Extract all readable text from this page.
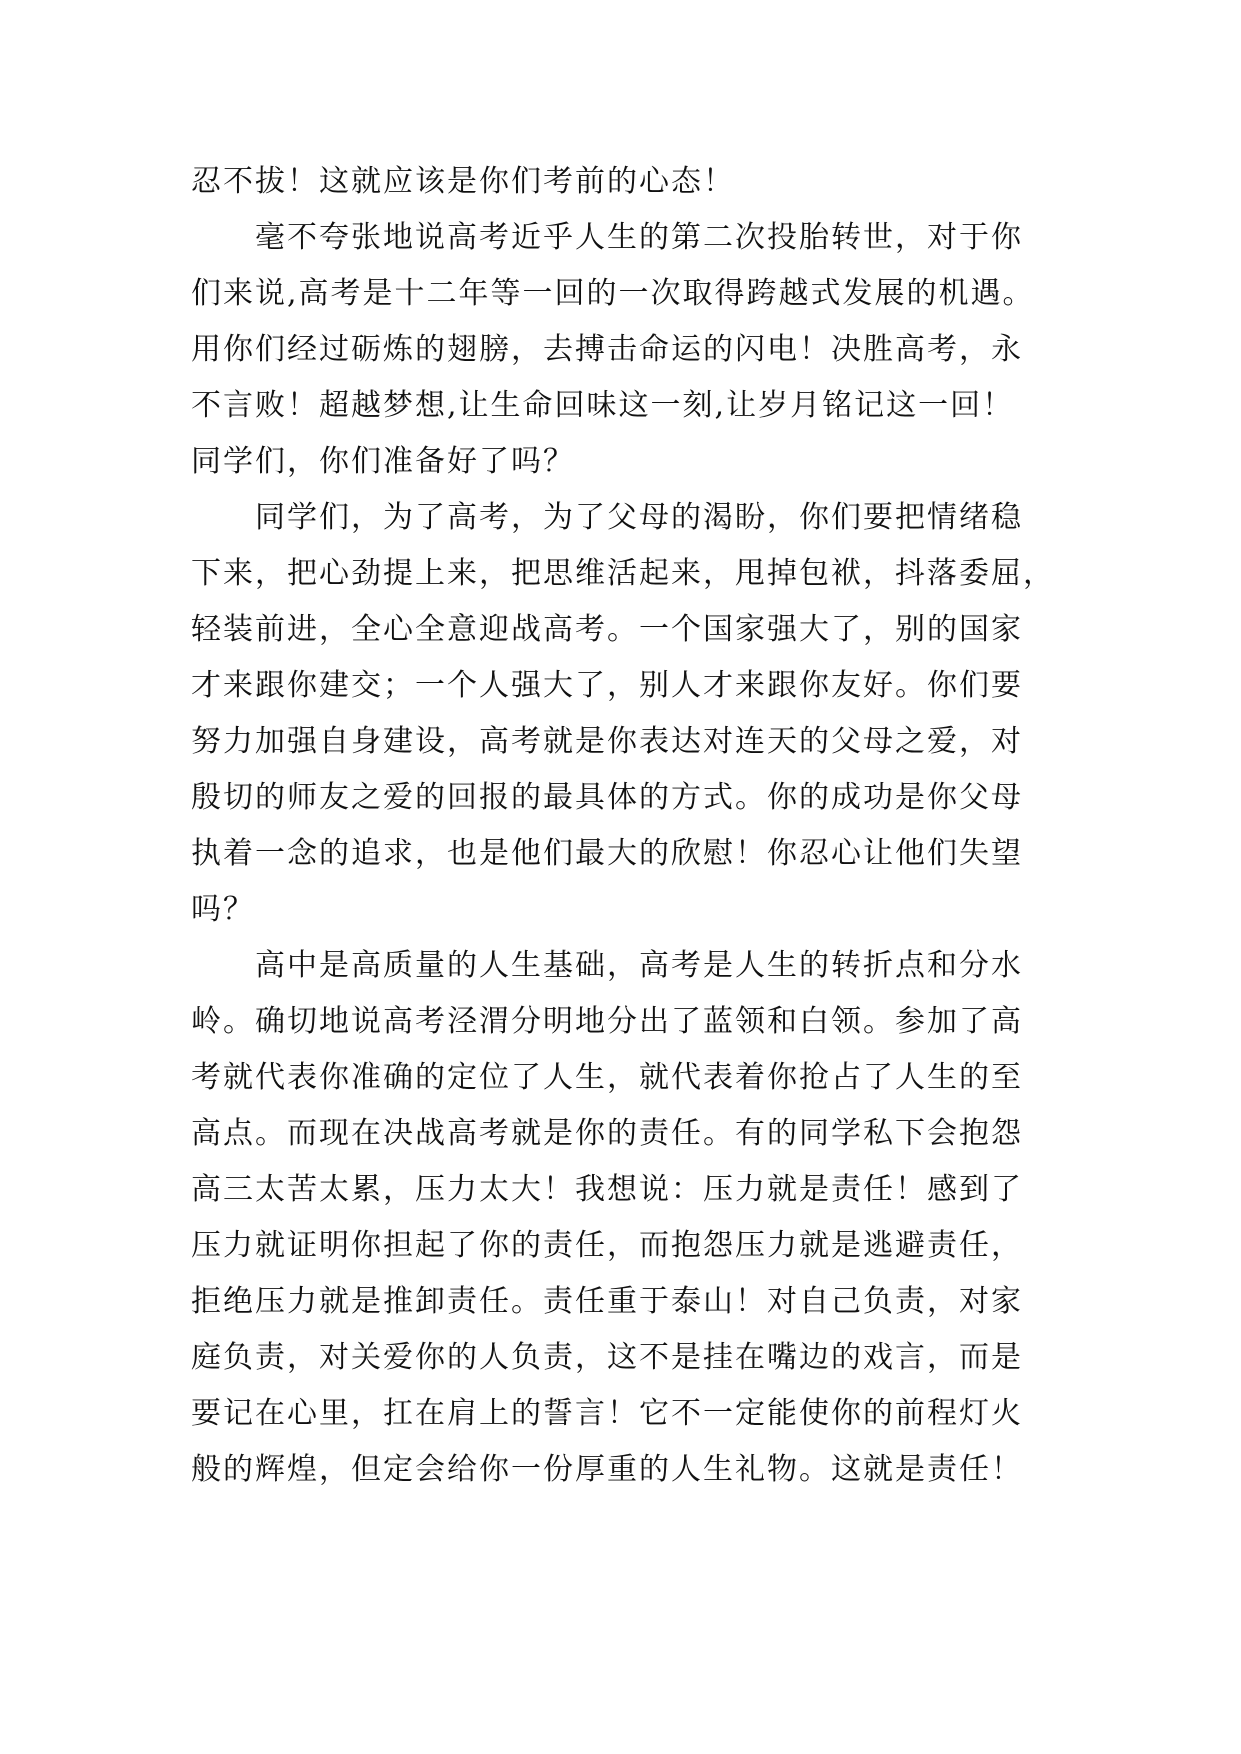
忍不拔！这就应该是你们考前的心态！
毫不夸张地说高考近乎人生的第二次投胎转世，对于你
们来说,高考是十二年等一回的一次取得跨越式发展的机遇。
用你们经过砺炼的翅膀，去搏击命运的闪电！决胜高考，永
不言败！超越梦想,让生命回味这一刻,让岁月铭记这一回！
同学们，你们准备好了吗？
同学们，为了高考，为了父母的渴盼，你们要把情绪稳
下来，把心劲提上来，把思维活起来，甩掉包袱，抖落委屈，
轻装前进，全心全意迎战高考。一个国家强大了，别的国家
才来跟你建交；一个人强大了，别人才来跟你友好。你们要
努力加强自身建设，高考就是你表达对连天的父母之爱，对
殷切的师友之爱的回报的最具体的方式。你的成功是你父母
执着一念的追求，也是他们最大的欣慰！你忍心让他们失望
吗？
高中是高质量的人生基础，高考是人生的转折点和分水
岭。确切地说高考泾渭分明地分出了蓝领和白领。参加了高
考就代表你准确的定位了人生，就代表着你抢占了人生的至
高点。而现在决战高考就是你的责任。有的同学私下会抱怨
高三太苦太累，压力太大！我想说：压力就是责任！感到了
压力就证明你担起了你的责任，而抱怨压力就是逃避责任，
拒绝压力就是推卸责任。责任重于泰山！对自己负责，对家
庭负责，对关爱你的人负责，这不是挂在嘴边的戏言，而是
要记在心里，扛在肩上的誓言！它不一定能使你的前程灯火
般的辉煌，但定会给你一份厚重的人生礼物。这就是责任！
